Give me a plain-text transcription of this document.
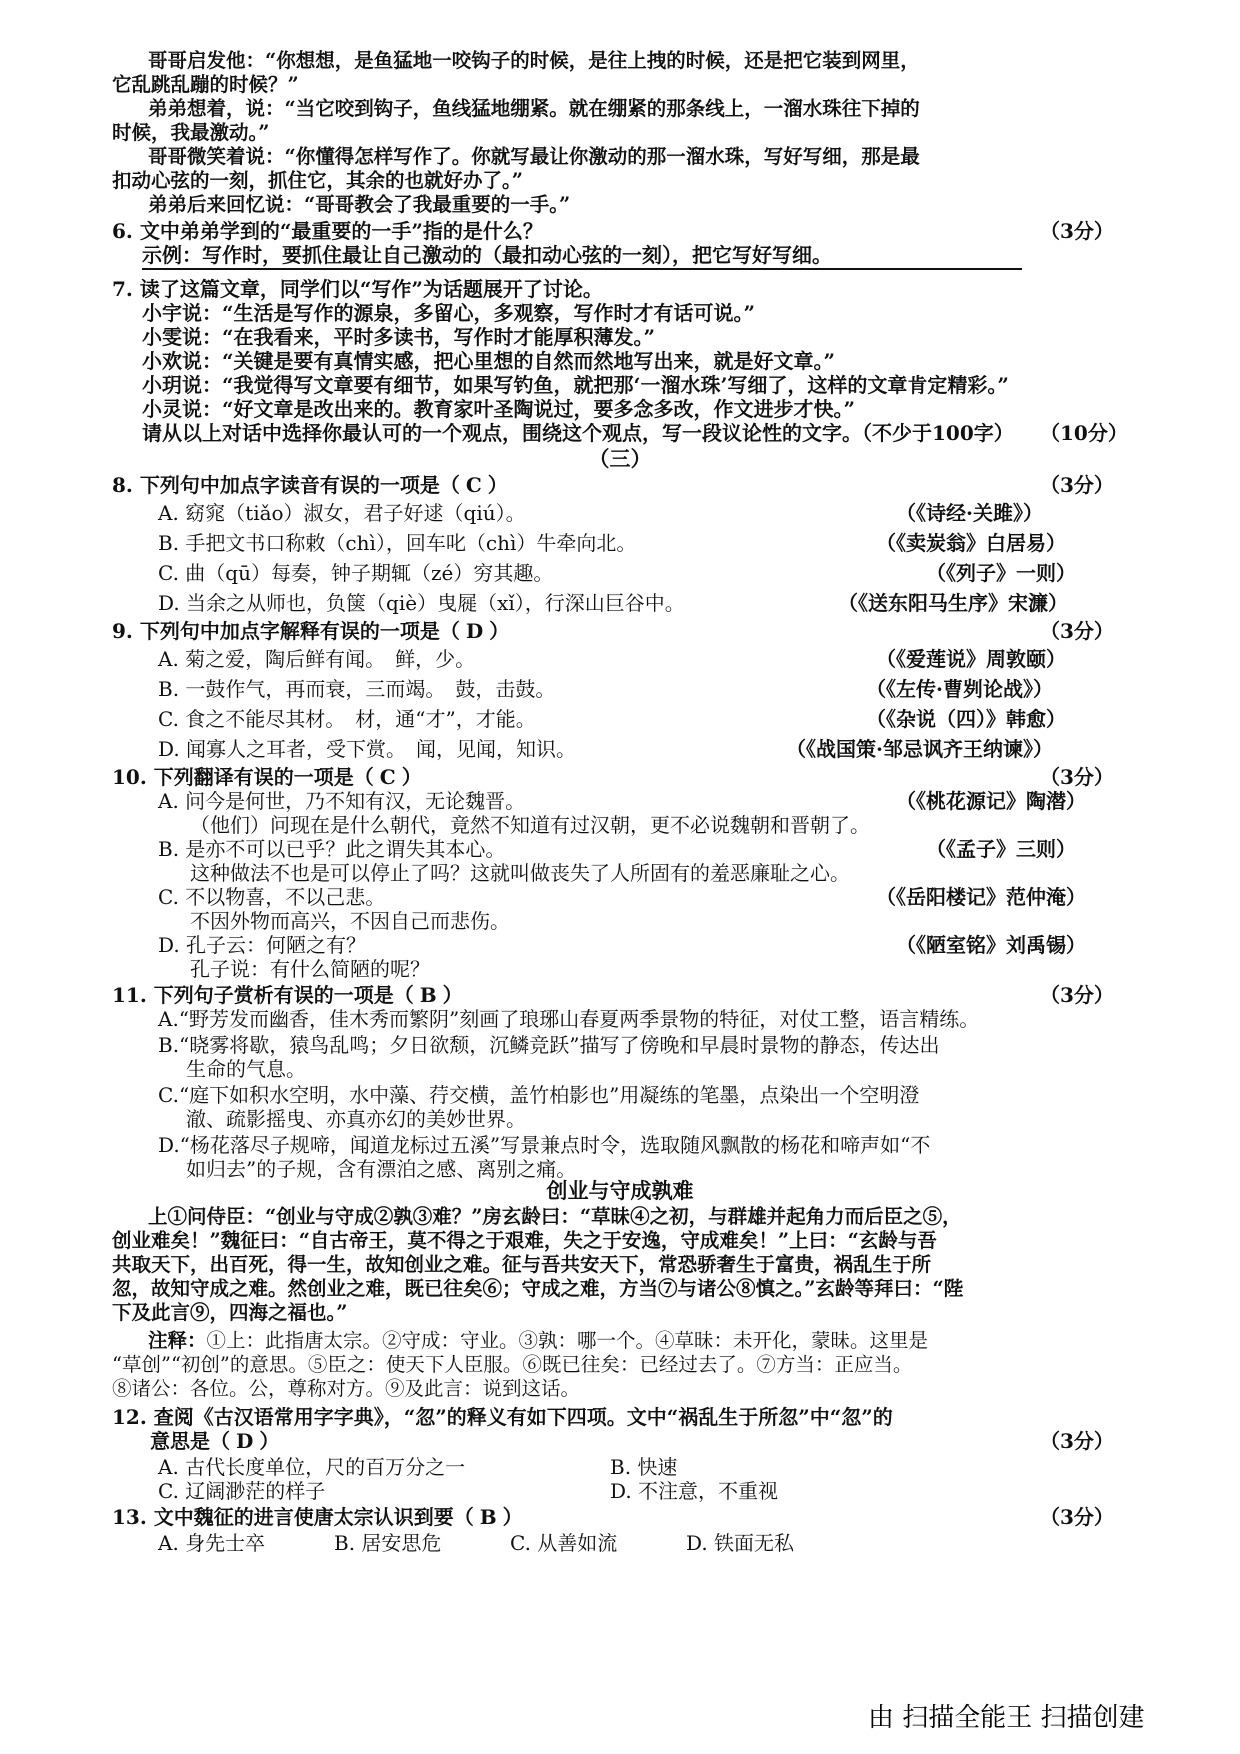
哥哥启发他：“你想想，是鱼猛地一咬钩子的时候，是往上拽的时候，还是把它装到网里，
它乱跳乱蹦的时候？”
弟弟想着，说：“当它咬到钩子，鱼线猛地绷紧。就在绷紧的那条线上，一溜水珠往下掉的
时候，我最激动。”
哥哥微笑着说：“你懂得怎样写作了。你就写最让你激动的那一溜水珠，写好写细，那是最
扣动心弦的一刻，抓住它，其余的也就好办了。”
弟弟后来回忆说：“哥哥教会了我最重要的一手。”
6. 文中弟弟学到的“最重要的一手”指的是什么？	（3分）
示例：写作时，要抓住最让自己激动的（最扣动心弦的一刻），把它写好写细。
7. 读了这篇文章，同学们以“写作”为话题展开了讨论。
小宇说：“生活是写作的源泉，多留心，多观察，写作时才有话可说。”
小雯说：“在我看来，平时多读书，写作时才能厚积薄发。”
小欢说：“关键是要有真情实感，把心里想的自然而然地写出来，就是好文章。”
小玥说：“我觉得写文章要有细节，如果写钓鱼，就把那‘一溜水珠’写细了，这样的文章肯定精彩。”
小灵说：“好文章是改出来的。教育家叶圣陶说过，要多念多改，作文进步才快。”
请从以上对话中选择你最认可的一个观点，围绕这个观点，写一段议论性的文字。（不少于100字） （10分）
（三）
8. 下列句中加点字读音有误的一项是（ C ）	（3分）
A. 窈窕（tiǎo）淑女，君子好逑（qiú）。	（《诗经·关雎》）
B. 手把文书口称敕（chì），回车叱（chì）牛牵向北。	（《卖炭翁》白居易）
C. 曲（qū）每奏，钟子期辄（zé）穷其趣。	（《列子》一则）
D. 当余之从师也，负箧（qiè）曳屣（xǐ），行深山巨谷中。	（《送东阳马生序》宋濂）
9. 下列句中加点字解释有误的一项是（ D ）	（3分）
A. 菊之爱，陶后鲜有闻。　鲜，少。	（《爱莲说》周敦颐）
B. 一鼓作气，再而衰，三而竭。　鼓，击鼓。	（《左传·曹刿论战》）
C. 食之不能尽其材。　材，通“才”，才能。	（《杂说（四）》韩愈）
D. 闻寡人之耳者，受下赏。　闻，见闻，知识。	（《战国策·邹忌讽齐王纳谏》）
10. 下列翻译有误的一项是（ C ）	（3分）
A. 问今是何世，乃不知有汉，无论魏晋。	（《桃花源记》陶潜）
（他们）问现在是什么朝代，竟然不知道有过汉朝，更不必说魏朝和晋朝了。
B. 是亦不可以已乎？此之谓失其本心。	（《孟子》三则）
这种做法不也是可以停止了吗？这就叫做丧失了人所固有的羞恶廉耻之心。
C. 不以物喜，不以己悲。	（《岳阳楼记》范仲淹）
不因外物而高兴，不因自己而悲伤。
D. 孔子云：何陋之有？	（《陋室铭》刘禹锡）
孔子说：有什么简陋的呢？
11. 下列句子赏析有误的一项是（ B ）	（3分）
A.“野芳发而幽香，佳木秀而繁阴”刻画了琅琊山春夏两季景物的特征，对仗工整，语言精练。
B.“晓雾将歇，猿鸟乱鸣；夕日欲颓，沉鳞竞跃”描写了傍晚和早晨时景物的静态，传达出
生命的气息。
C.“庭下如积水空明，水中藻、荇交横，盖竹柏影也”用凝练的笔墨，点染出一个空明澄
澈、疏影摇曳、亦真亦幻的美妙世界。
D.“杨花落尽子规啼，闻道龙标过五溪”写景兼点时令，选取随风飘散的杨花和啼声如“不
如归去”的子规，含有漂泊之感、离别之痛。
创业与守成孰难
上①问侍臣：“创业与守成②孰③难？”房玄龄曰：“草昧④之初，与群雄并起角力而后臣之⑤，
创业难矣！”魏征曰：“自古帝王，莫不得之于艰难，失之于安逸，守成难矣！”上曰：“玄龄与吾
共取天下，出百死，得一生，故知创业之难。征与吾共安天下，常恐骄奢生于富贵，祸乱生于所
忽，故知守成之难。然创业之难，既已往矣⑥；守成之难，方当⑦与诸公⑧慎之。”玄龄等拜曰：“陛
下及此言⑨，四海之福也。”
注释：①上：此指唐太宗。②守成：守业。③孰：哪一个。④草昧：未开化，蒙昧。这里是
“草创”“初创”的意思。⑤臣之：使天下人臣服。⑥既已往矣：已经过去了。⑦方当：正应当。
⑧诸公：各位。公，尊称对方。⑨及此言：说到这话。
12. 查阅《古汉语常用字字典》，“忽”的释义有如下四项。文中“祸乱生于所忽”中“忽”的
意思是（ D ）	（3分）
A. 古代长度单位，尺的百万分之一	B. 快速
C. 辽阔渺茫的样子	D. 不注意，不重视
13. 文中魏征的进言使唐太宗认识到要（ B ）	（3分）
A. 身先士卒	B. 居安思危	C. 从善如流	D. 铁面无私
由 扫描全能王 扫描创建
